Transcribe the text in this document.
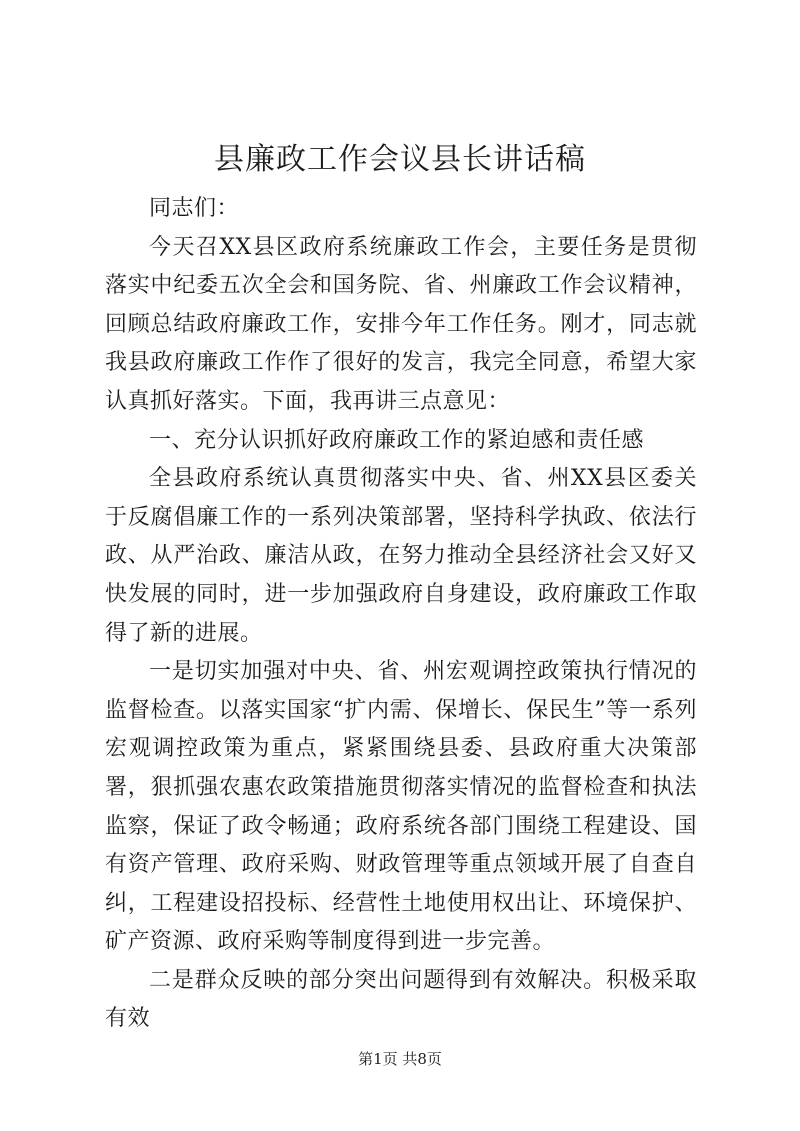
县廉政工作会议县长讲话稿

同志们：

今天召XX县区政府系统廉政工作会，主要任务是贯彻落实中纪委五次全会和国务院、省、州廉政工作会议精神，回顾总结政府廉政工作，安排今年工作任务。刚才，同志就我县政府廉政工作作了很好的发言，我完全同意，希望大家认真抓好落实。下面，我再讲三点意见：

一、充分认识抓好政府廉政工作的紧迫感和责任感

全县政府系统认真贯彻落实中央、省、州XX县区委关于反腐倡廉工作的一系列决策部署，坚持科学执政、依法行政、从严治政、廉洁从政，在努力推动全县经济社会又好又快发展的同时，进一步加强政府自身建设，政府廉政工作取得了新的进展。

一是切实加强对中央、省、州宏观调控政策执行情况的监督检查。以落实国家“扩内需、保增长、保民生”等一系列宏观调控政策为重点，紧紧围绕县委、县政府重大决策部署，狠抓强农惠农政策措施贯彻落实情况的监督检查和执法监察，保证了政令畅通；政府系统各部门围绕工程建设、国有资产管理、政府采购、财政管理等重点领域开展了自查自纠，工程建设招投标、经营性土地使用权出让、环境保护、矿产资源、政府采购等制度得到进一步完善。

二是群众反映的部分突出问题得到有效解决。积极采取有效

第1页 共8页
